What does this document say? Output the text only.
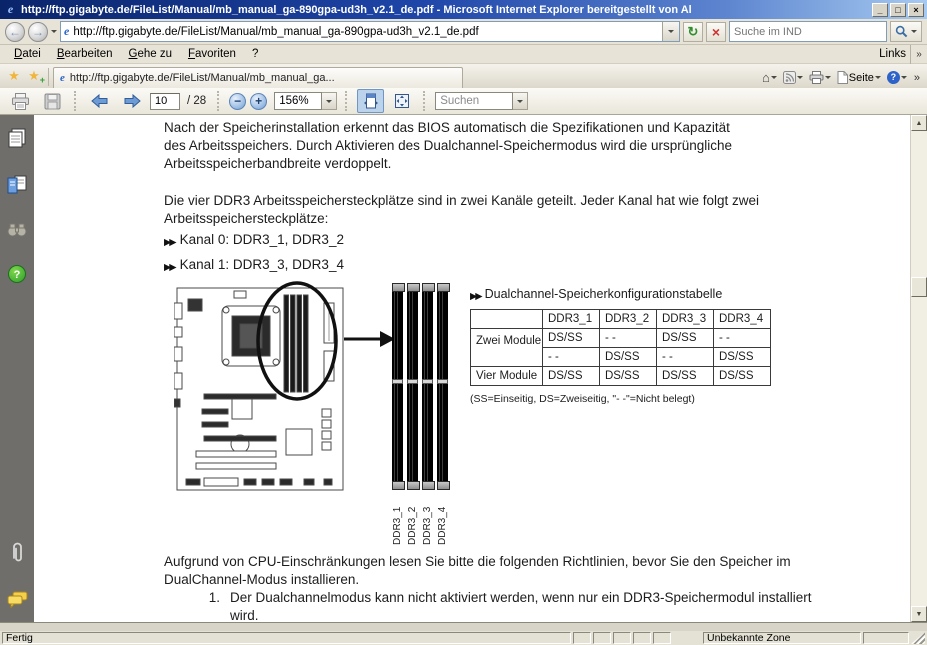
e http://ftp.gigabyte.de/FileList/Manual/mb_manual_ga-890gpa-ud3h_v2.1_de.pdf - Microsoft Internet Explorer bereitgestellt von Al	_	□	×
← →	e http://ftp.gigabyte.de/FileList/Manual/mb_manual_ga-890gpa-ud3h_v2.1_de.pdf	↻ ×
Suche im IND
Datei	Bearbeiten	Gehe zu	Favoriten	?	Links	»
★ ★ + e http://ftp.gigabyte.de/FileList/Manual/mb_manual_ga...	⌂	Seite	?	»
10
/ 28	−	+	156%	Suchen
?
Nach der Speicherinstallation erkennt das BIOS automatisch die Spezifikationen und Kapazität
des Arbeitsspeichers. Durch Aktivieren des Dualchannel-Speichermodus wird die ursprüngliche
Arbeitsspeicherbandbreite verdoppelt.
Die vier DDR3 Arbeitsspeichersteckplätze sind in zwei Kanäle geteilt. Jeder Kanal hat wie folgt zwei
Arbeitsspeichersteckplätze:
▶▶ Kanal 0: DDR3_1, DDR3_2
▶▶ Kanal 1: DDR3_3, DDR3_4
DDR3_1 DDR3_2 DDR3_3 DDR3_4
▶▶ Dualchannel-Speicherkonfigurationstabelle
	DDR3_1	DDR3_2	DDR3_3	DDR3_4
Zwei Module	DS/SS	- -	DS/SS	- -
	- -	DS/SS	- -	DS/SS
Vier Module	DS/SS	DS/SS	DS/SS	DS/SS
(SS=Einseitig, DS=Zweiseitig, "- -"=Nicht belegt)
Aufgrund von CPU-Einschränkungen lesen Sie bitte die folgenden Richtlinien, bevor Sie den Speicher im
DualChannel-Modus installieren.
1. Der Dualchannelmodus kann nicht aktiviert werden, wenn nur ein DDR3-Speichermodul installiert
wird.
▲
▼
Fertig	Unbekannte Zone
